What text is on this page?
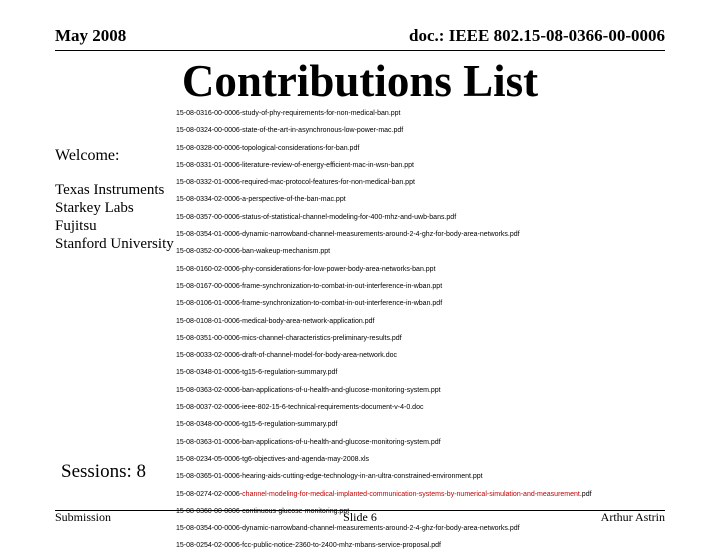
May 2008	doc.: IEEE 802.15-08-0366-00-0006
Contributions List
Welcome:
Texas Instruments
Starkey Labs
Fujitsu
Stanford University
Sessions: 8
15-08-0316-00-0006-study-of-phy-requirements-for-non-medical-ban.ppt
15-08-0324-00-0006-state-of-the-art-in-asynchronous-low-power-mac.pdf
15-08-0328-00-0006-topological-considerations-for-ban.pdf
15-08-0331-01-0006-literature-review-of-energy-efficient-mac-in-wsn-ban.ppt
15-08-0332-01-0006-required-mac-protocol-features-for-non-medical-ban.ppt
15-08-0334-02-0006-a-perspective-of-the-ban-mac.ppt
15-08-0357-00-0006-status-of-statistical-channel-modeling-for-400-mhz-and-uwb-bans.pdf
15-08-0354-01-0006-dynamic-narrowband-channel-measurements-around-2-4-ghz-for-body-area-networks.pdf
15-08-0352-00-0006-ban-wakeup-mechanism.ppt
15-08-0160-02-0006-phy-considerations-for-low-power-body-area-networks-ban.ppt
15-08-0167-00-0006-frame-synchronization-to-combat-in-out-interference-in-wban.ppt
15-08-0106-01-0006-frame-synchronization-to-combat-in-out-interference-in-wban.pdf
15-08-0108-01-0006-medical-body-area-network-application.pdf
15-08-0351-00-0006-mics-channel-characteristics-preliminary-results.pdf
15-08-0033-02-0006-draft-of-channel-model-for-body-area-network.doc
15-08-0348-01-0006-tg15-6-regulation-summary.pdf
15-08-0363-02-0006-ban-applications-of-u-health-and-glucose-monitoring-system.ppt
15-08-0037-02-0006-ieee-802-15-6-technical-requirements-document-v-4-0.doc
15-08-0348-00-0006-tg15-6-regulation-summary.pdf
15-08-0363-01-0006-ban-applications-of-u-health-and-glucose-monitoring-system.pdf
15-08-0234-05-0006-tg6-objectives-and-agenda-may-2008.xls
15-08-0365-01-0006-hearing-aids-cutting-edge-technology-in-an-ultra-constrained-environment.ppt
15-08-0274-02-0006-channel-modeling-for-medical-implanted-communication-systems-by-numerical-simulation-and-measurement.pdf
15-08-0360-00-0006-continuous-glucose-monitoring.ppt
15-08-0354-00-0006-dynamic-narrowband-channel-measurements-around-2-4-ghz-for-body-area-networks.pdf
15-08-0254-02-0006-fcc-public-notice-2360-to-2400-mhz-mbans-service-proposal.pdf
Submission	Slide 6	Arthur Astrin
